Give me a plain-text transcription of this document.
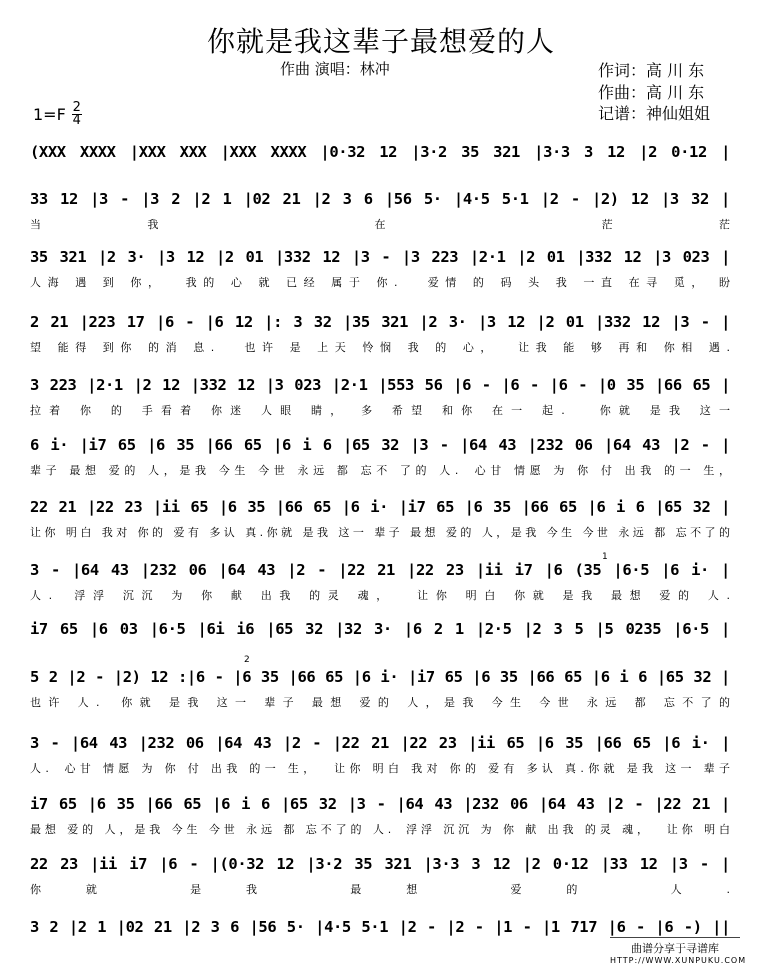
你就是我这辈子最想爱的人
作曲 演唱：林冲	作词：高 川 东
作曲：高 川 东
记谱：神仙姐姐
1=F 2
4
(XXX XXXX |XXX XXX |XXX XXXX |0·32 12 |3·2 35 321 |3·3 3 12 |2 0·12 |
33 12 |3 - |3 2 |2 1 |02 21 |2 3 6 |56 5· |4·5 5·1 |2 - |2) 12 |3 32 |
当我 在 茫茫
35 321 |2 3· |3 12 |2 01 |332 12 |3 - |3 223 |2·1 |2 01 |332 12 |3 023 |
人海 遇 到 你，  我的 心 就 已经 属于 你.   爱情 的 码 头 我 一直 在寻 觅， 盼
2 21 |223 17 |6 - |6 12 |: 3 32 |35 321 |2 3· |3 12 |2 01 |332 12 |3 - |
望 能得 到你 的消 息.   也许 是 上天 怜悯 我 的 心，  让我 能 够 再和 你相 遇.
3 223 |2·1 |2 12 |332 12 |3 023 |2·1 |553 56 |6 - |6 - |6 - |0 35 |66 65 |
拉着 你 的 手看着 你迷 人眼 睛， 多 希望 和你 在一 起.   你就 是我 这一
6 i· |i7 65 |6 35 |66 65 |6 i 6 |65 32 |3 - |64 43 |232 06 |64 43 |2 - |
辈子 最想 爱的 人，是我 今生 今世 永远 都 忘不 了的 人.  心甘 情愿 为 你 付 出我 的一 生，
22 21 |22 23 |ii 65 |6 35 |66 65 |6 i· |i7 65 |6 35 |66 65 |6 i 6 |65 32 |
让你 明白 我对 你的 爱有 多认 真.你就 是我 这一 辈子 最想 爱的 人，是我 今生 今世 永远 都 忘不了的
3 - |64 43 |232 06 |64 43 |2 - |22 21 |22 23 |ii i7 |6 (35 |6·5 |6 i· |
人.  浮浮 沉沉 为 你 献 出我 的灵 魂，  让你 明白 你就 是我 最想 爱的 人.
i7 65 |6 03 |6·5 |6i i6 |65 32 |32 3· |6 2 1 |2·5 |2 3 5 |5 0235 |6·5 |
5 2 |2 - |2) 12 :|6 - |6 35 |66 65 |6 i· |i7 65 |6 35 |66 65 |6 i 6 |65 32 |
也许 人.  你就 是我 这一 辈子 最想 爱的 人，是我 今生 今世 永远 都 忘不了的
3 - |64 43 |232 06 |64 43 |2 - |22 21 |22 23 |ii 65 |6 35 |66 65 |6 i· |
人.  心甘 情愿 为 你 付 出我 的一 生，  让你 明白 我对 你的 爱有 多认 真.你就 是我 这一 辈子
i7 65 |6 35 |66 65 |6 i 6 |65 32 |3 - |64 43 |232 06 |64 43 |2 - |22 21 |
最想 爱的 人，是我 今生 今世 永远 都 忘不了的 人.  浮浮 沉沉 为 你 献 出我 的灵 魂，  让你 明白
22 23 |ii i7 |6 - |(0·32 12 |3·2 35 321 |3·3 3 12 |2 0·12 |33 12 |3 - |
你就 是我 最想 爱的 人.
3 2 |2 1 |02 21 |2 3 6 |56 5· |4·5 5·1 |2 - |2 - |1 - |1 717 |6 - |6 -) ||
1
2
曲谱分享于寻谱库
HTTP://WWW.XUNPUKU.COM
